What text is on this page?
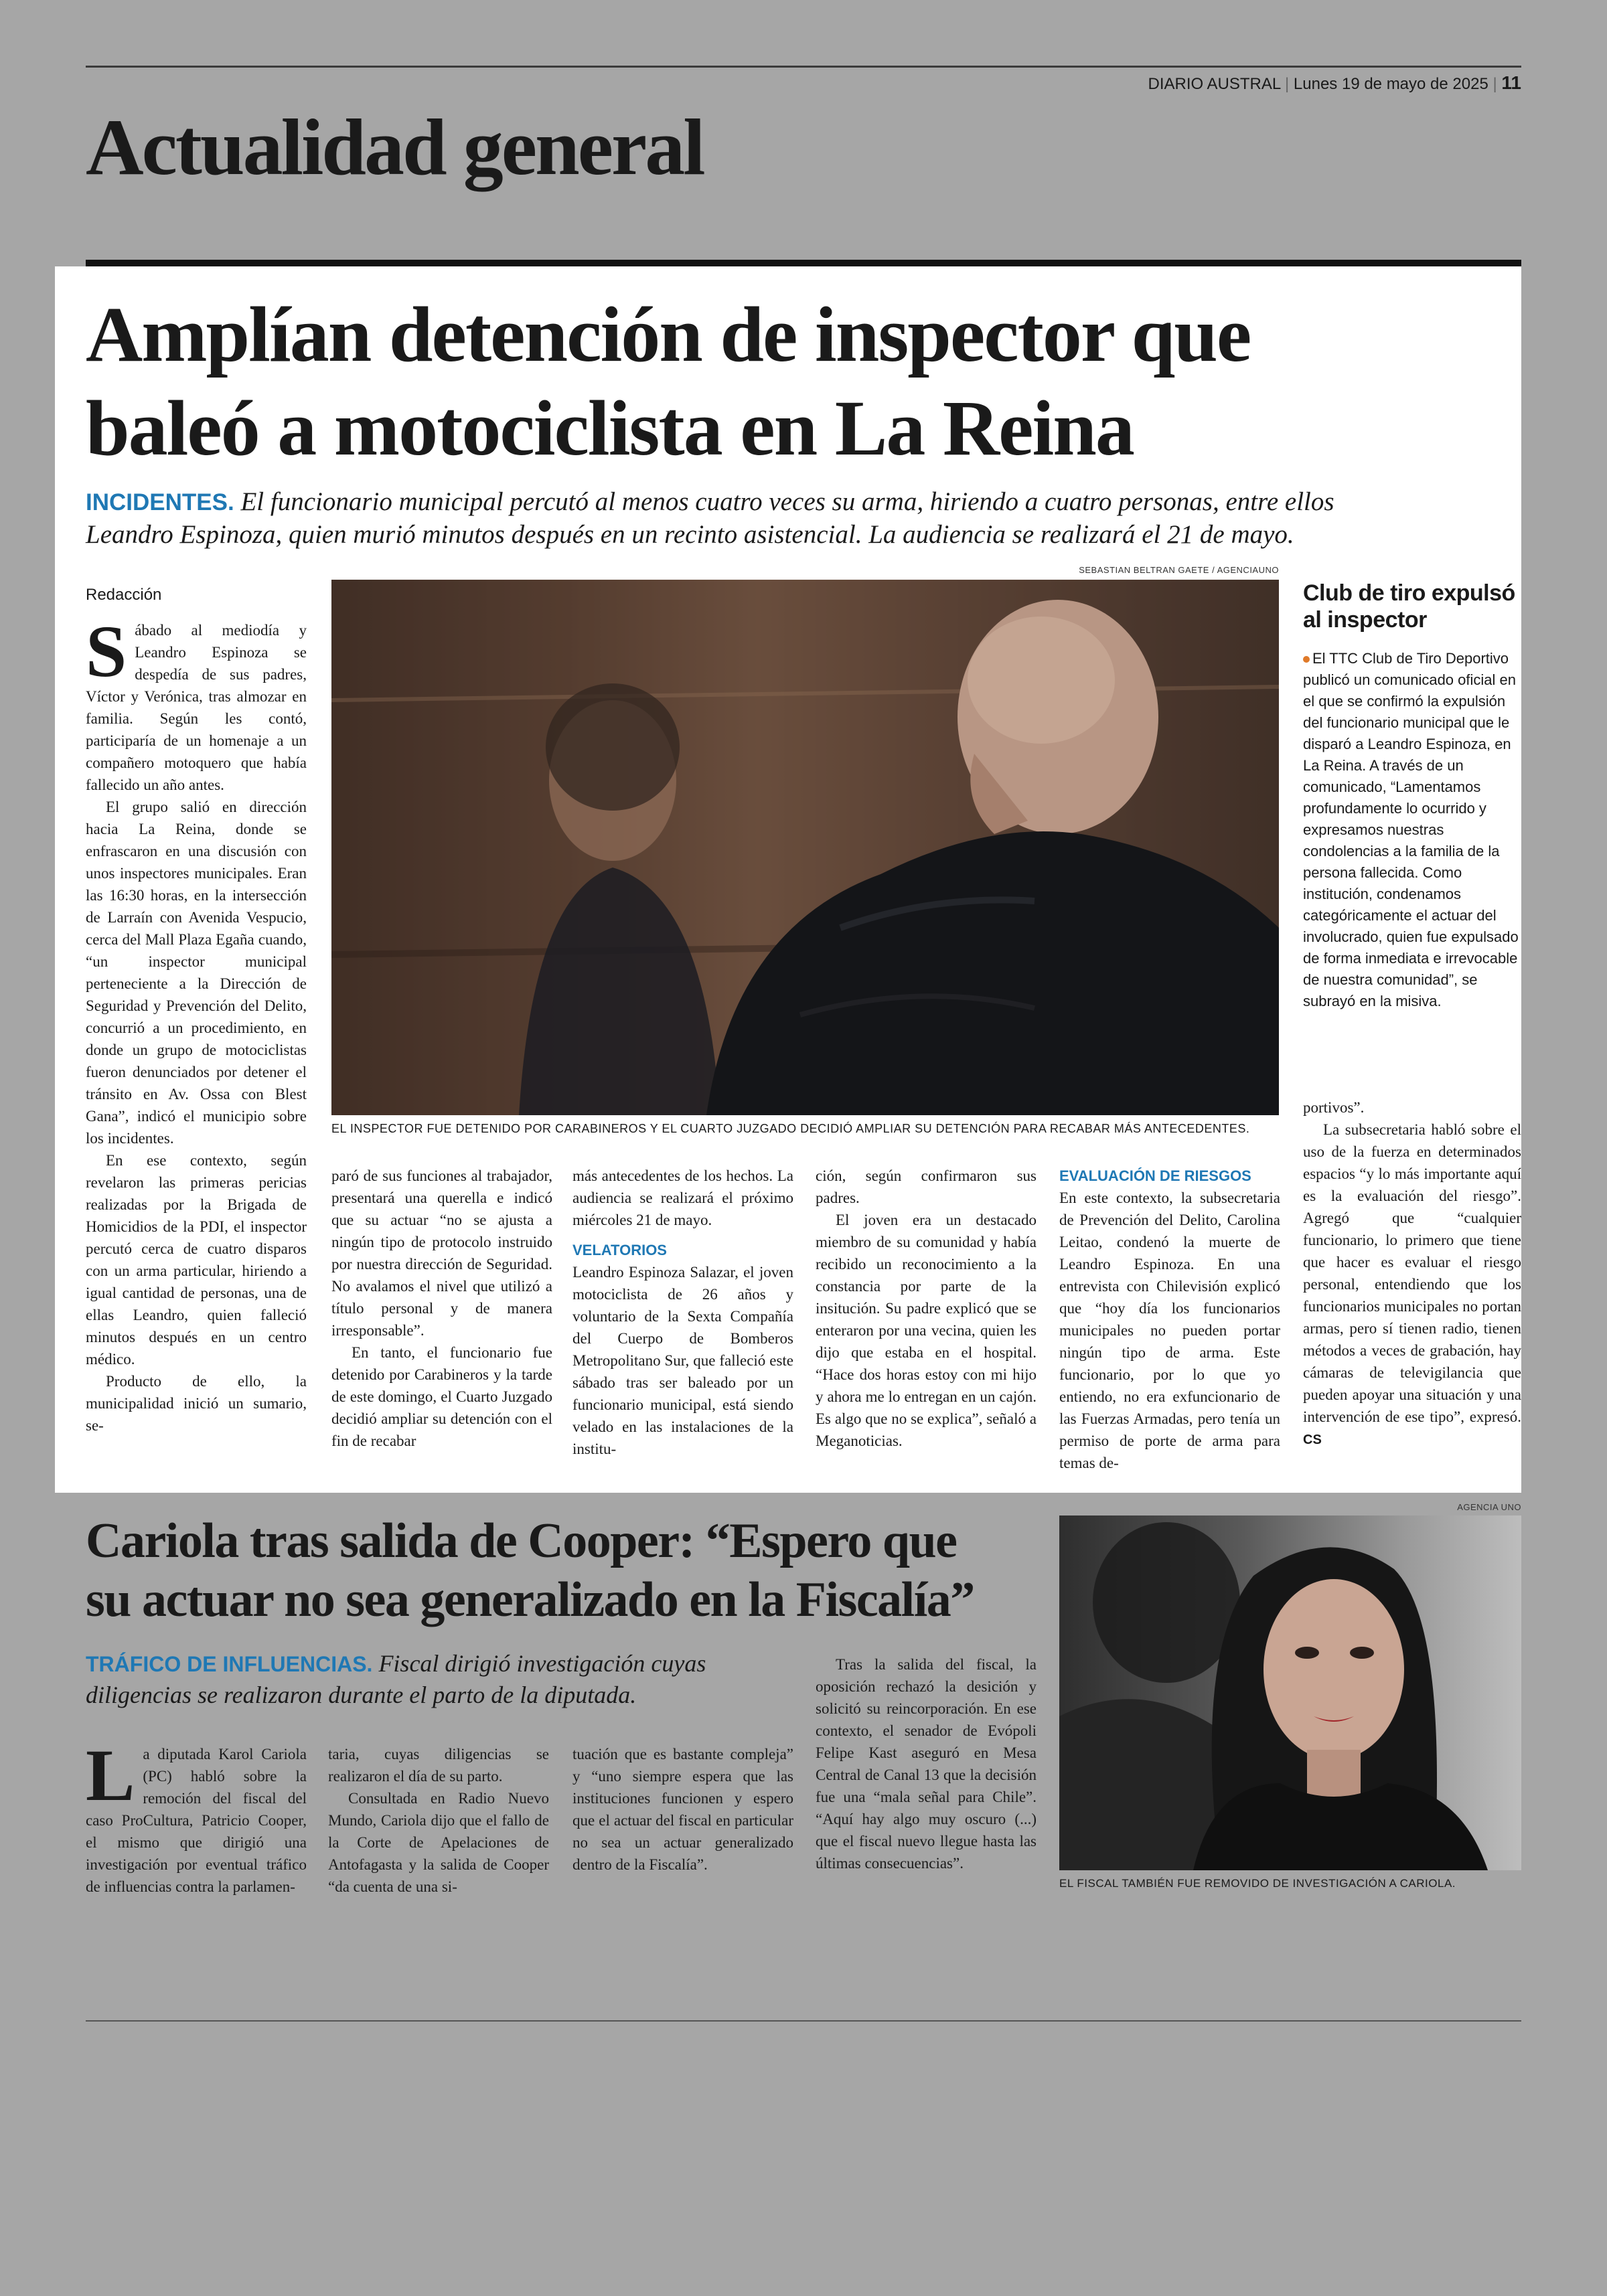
DIARIO AUSTRAL | Lunes 19 de mayo de 2025 | 11
Actualidad general
Amplían detención de inspector que
baleó a motociclista en La Reina
INCIDENTES. El funcionario municipal percutó al menos cuatro veces su arma, hiriendo a cuatro personas, entre ellos
Leandro Espinoza, quien murió minutos después en un recinto asistencial. La audiencia se realizará el 21 de mayo.
SEBASTIAN BELTRAN GAETE / AGENCIAUNO
EL INSPECTOR FUE DETENIDO POR CARABINEROS Y EL CUARTO JUZGADO DECIDIÓ AMPLIAR SU DETENCIÓN PARA RECABAR MÁS ANTECEDENTES.

Redacción

Sábado al mediodía y Leandro Espinoza se despedía de sus padres, Víctor y Verónica, tras almozar en familia. Según les contó, participaría de un homenaje a un compañero motoquero que había fallecido un año antes.

El grupo salió en dirección hacia La Reina, donde se enfrascaron en una discusión con unos inspectores municipales. Eran las 16:30 horas, en la intersección de Larraín con Avenida Vespucio, cerca del Mall Plaza Egaña cuando, “un inspector municipal perteneciente a la Dirección de Seguridad y Prevención del Delito, concurrió a un procedimiento, en donde un grupo de motociclistas fueron denunciados por detener el tránsito en Av. Ossa con Blest Gana”, indicó el municipio sobre los incidentes.

En ese contexto, según revelaron las primeras pericias realizadas por la Brigada de Homicidios de la PDI, el inspector percutó cerca de cuatro disparos con un arma particular, hiriendo a igual cantidad de personas, una de ellas Leandro, quien falleció minutos después en un centro médico.

Producto de ello, la municipalidad inició un sumario, se-

paró de sus funciones al trabajador, presentará una querella e indicó que su actuar “no se ajusta a ningún tipo de protocolo instruido por nuestra dirección de Seguridad. No avalamos el nivel que utilizó a título personal y de manera irresponsable”.

En tanto, el funcionario fue detenido por Carabineros y la tarde de este domingo, el Cuarto Juzgado decidió ampliar su detención con el fin de recabar

más antecedentes de los hechos. La audiencia se realizará el próximo miércoles 21 de mayo.

VELATORIOS

Leandro Espinoza Salazar, el joven motociclista de 26 años y voluntario de la Sexta Compañía del Cuerpo de Bomberos Metropolitano Sur, que falleció este sábado tras ser baleado por un funcionario municipal, está siendo velado en las instalaciones de la institu-

ción, según confirmaron sus padres.

El joven era un destacado miembro de su comunidad y había recibido un reconocimiento a la constancia por parte de la insitución. Su padre explicó que se enteraron por una vecina, quien les dijo que estaba en el hospital. “Hace dos horas estoy con mi hijo y ahora me lo entregan en un cajón. Es algo que no se explica”, señaló a Meganoticias.

EVALUACIÓN DE RIESGOS

En este contexto, la subsecretaria de Prevención del Delito, Carolina Leitao, condenó la muerte de Leandro Espinoza. En una entrevista con Chilevisión explicó que “hoy día los funcionarios municipales no pueden portar ningún tipo de arma. Este funcionario, por lo que yo entiendo, no era exfuncionario de las Fuerzas Armadas, pero tenía un permiso de porte de arma para temas de-

Club de tiro expulsó
al inspector
El TTC Club de Tiro Deportivo publicó un comunicado oficial en el que se confirmó la expulsión del funcionario municipal que le disparó a Leandro Espinoza, en La Reina. A través de un comunicado, “Lamentamos profundamente lo ocurrido y expresamos nuestras condolencias a la familia de la persona fallecida. Como institución, condenamos categóricamente el actuar del involucrado, quien fue expulsado de forma inmediata e irrevocable de nuestra comunidad”, se subrayó en la misiva.

portivos”.

La subsecretaria habló sobre el uso de la fuerza en determinados espacios “y lo más importante aquí es la evaluación del riesgo”. Agregó que “cualquier funcionario, lo primero que tiene que hacer es evaluar el riesgo personal, entendiendo que los funcionarios municipales no portan armas, pero sí tienen radio, tienen métodos a veces de grabación, hay cámaras de televigilancia que pueden apoyar una situación y una intervención de ese tipo”, expresó. CS

Cariola tras salida de Cooper: “Espero que
su actuar no sea generalizado en la Fiscalía”
TRÁFICO DE INFLUENCIAS. Fiscal dirigió investigación cuyas
diligencias se realizaron durante el parto de la diputada.

La diputada Karol Cariola (PC) habló sobre la remoción del fiscal del caso ProCultura, Patricio Cooper, el mismo que dirigió una investigación por eventual tráfico de influencias contra la parlamen-

taria, cuyas diligencias se realizaron el día de su parto.

Consultada en Radio Nuevo Mundo, Cariola dijo que el fallo de la Corte de Apelaciones de Antofagasta y la salida de Cooper “da cuenta de una si-

tuación que es bastante compleja” y “uno siempre espera que las instituciones funcionen y espero que el actuar del fiscal en particular no sea un actuar generalizado dentro de la Fiscalía”.

Tras la salida del fiscal, la oposición rechazó la desición y solicitó su reincorporación. En ese contexto, el senador de Evópoli Felipe Kast aseguró en Mesa Central de Canal 13 que la decisión fue una “mala señal para Chile”. “Aquí hay algo muy oscuro (...) que el fiscal nuevo llegue hasta las últimas consecuencias”.

AGENCIA UNO
EL FISCAL TAMBIÉN FUE REMOVIDO DE INVESTIGACIÓN A CARIOLA.
